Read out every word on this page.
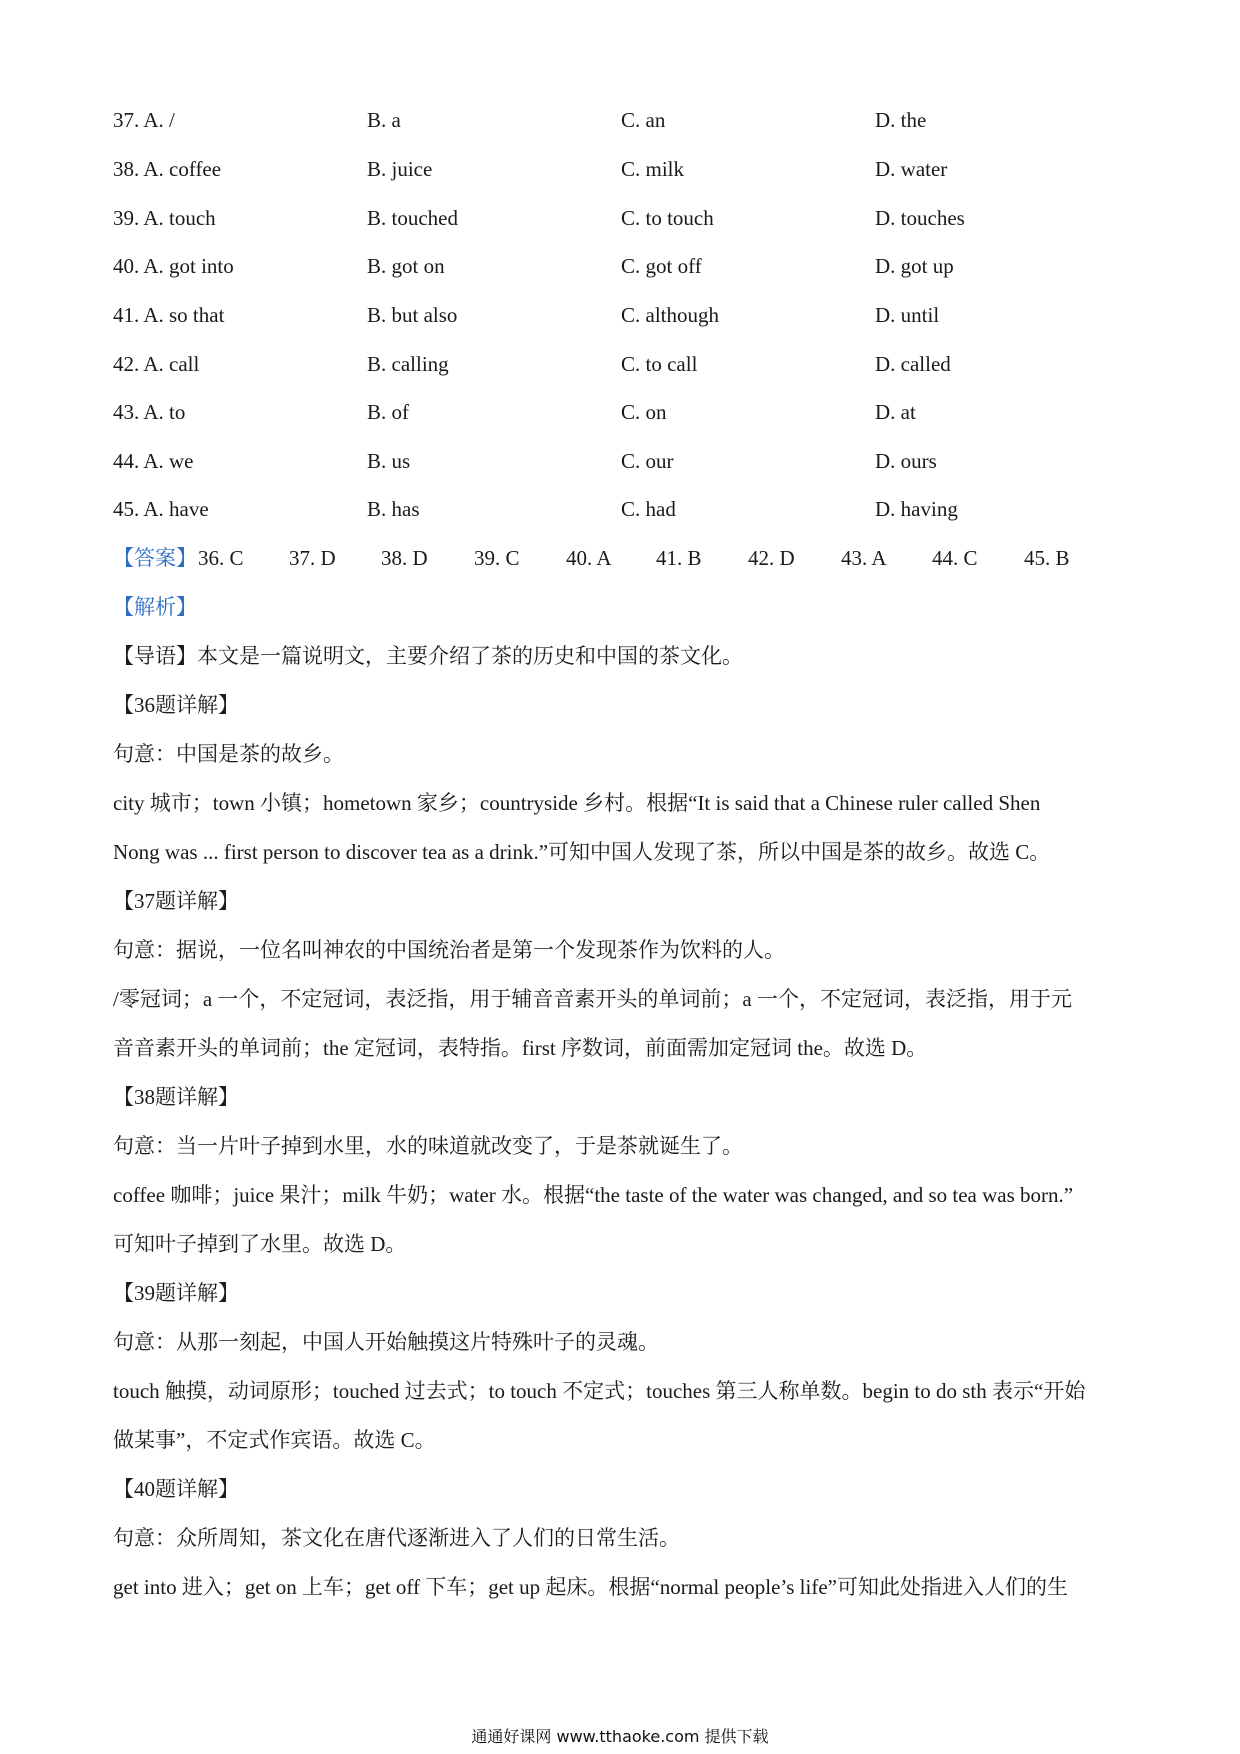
37. A. /	B. a	C. an	D. the
38. A. coffee	B. juice	C. milk	D. water
39. A. touch	B. touched	C. to touch	D. touches
40. A. got into	B. got on	C. got off	D. got up
41. A. so that	B. but also	C. although	D. until
42. A. call	B. calling	C. to call	D. called
43. A. to	B. of	C. on	D. at
44. A. we	B. us	C. our	D. ours
45. A. have	B. has	C. had	D. having
【答案】 36. C 37. D 38. D 39. C 40. A 41. B 42. D 43. A 44. C 45. B
【解析】
【导语】本文是一篇说明文，主要介绍了茶的历史和中国的茶文化。
【36题详解】
句意：中国是茶的故乡。
city 城市；town 小镇；hometown 家乡；countryside 乡村。根据“It is said that a Chinese ruler called Shen
Nong was ... first person to discover tea as a drink.”可知中国人发现了茶，所以中国是茶的故乡。故选 C。
【37题详解】
句意：据说，一位名叫神农的中国统治者是第一个发现茶作为饮料的人。
/零冠词；a 一个，不定冠词，表泛指，用于辅音音素开头的单词前；a 一个，不定冠词，表泛指，用于元
音音素开头的单词前；the 定冠词，表特指。first 序数词，前面需加定冠词 the。故选 D。
【38题详解】
句意：当一片叶子掉到水里，水的味道就改变了，于是茶就诞生了。
coffee 咖啡；juice 果汁；milk 牛奶；water 水。根据“the taste of the water was changed, and so tea was born.”
可知叶子掉到了水里。故选 D。
【39题详解】
句意：从那一刻起，中国人开始触摸这片特殊叶子的灵魂。
touch 触摸，动词原形；touched 过去式；to touch 不定式；touches 第三人称单数。begin to do sth 表示“开始
做某事”，不定式作宾语。故选 C。
【40题详解】
句意：众所周知，茶文化在唐代逐渐进入了人们的日常生活。
get into 进入；get on 上车；get off 下车；get up 起床。根据“normal people’s life”可知此处指进入人们的生
通通好课网 www.tthaoke.com 提供下载
